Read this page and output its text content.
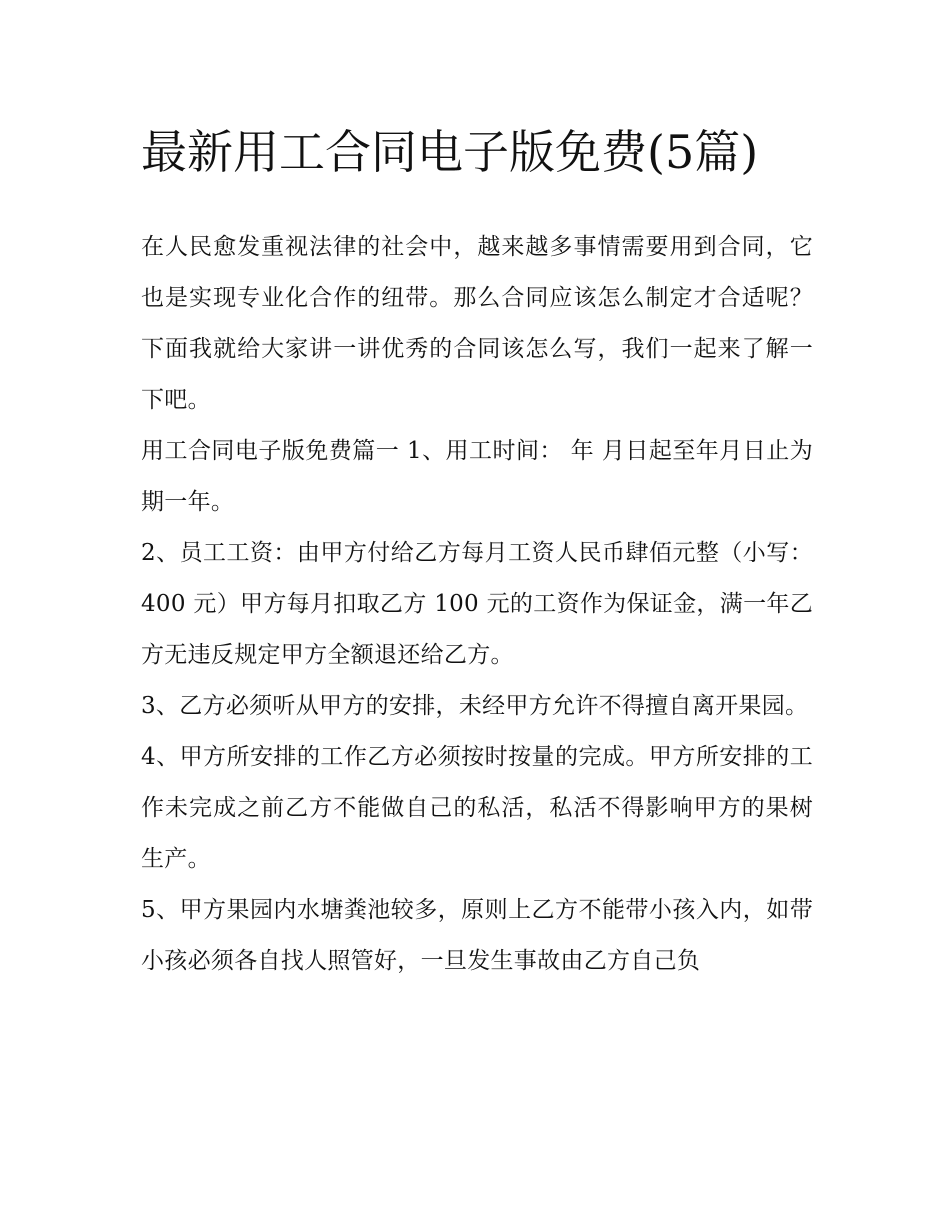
最新用工合同电子版免费(5篇)

在人民愈发重视法律的社会中，越来越多事情需要用到合同，它也是实现专业化合作的纽带。那么合同应该怎么制定才合适呢？下面我就给大家讲一讲优秀的合同该怎么写，我们一起来了解一下吧。

用工合同电子版免费篇一 1、用工时间： 年 月日起至年月日止为期一年。

2、员工工资：由甲方付给乙方每月工资人民币肆佰元整（小写：400 元）甲方每月扣取乙方 100 元的工资作为保证金，满一年乙方无违反规定甲方全额退还给乙方。

3、乙方必须听从甲方的安排，未经甲方允许不得擅自离开果园。

4、甲方所安排的工作乙方必须按时按量的完成。甲方所安排的工作未完成之前乙方不能做自己的私活，私活不得影响甲方的果树生产。

5、甲方果园内水塘粪池较多，原则上乙方不能带小孩入内，如带小孩必须各自找人照管好，一旦发生事故由乙方自己负
